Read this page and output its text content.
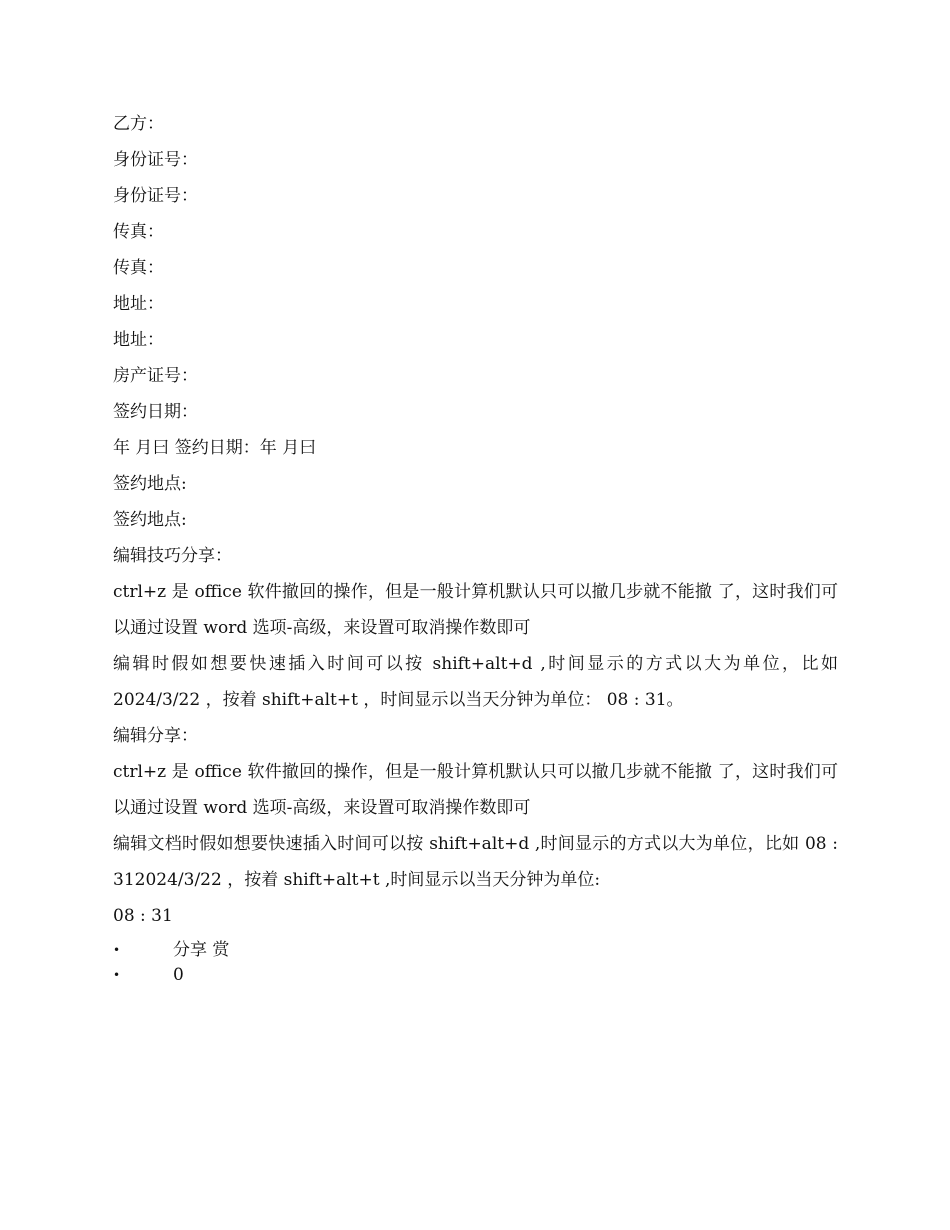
乙方：
身份证号：
身份证号：
传真：
传真：
地址：
地址：
房产证号：
签约日期：
年 月曰 签约日期：年 月曰
签约地点:
签约地点:
编辑技巧分享：
ctrl+z 是 office 软件撤回的操作，但是一般计算机默认只可以撤几步就不能撤 了，这时我们可以通过设置 word 选项-高级，来设置可取消操作数即可
编辑时假如想要快速插入时间可以按 shift+alt+d ,时间显示的方式以大为单位，比如 2024/3/22 ，按着 shift+alt+t ，时间显示以当天分钟为单位： 08 : 31。
编辑分享：
ctrl+z 是 office 软件撤回的操作，但是一般计算机默认只可以撤几步就不能撤 了，这时我们可以通过设置 word 选项-高级，来设置可取消操作数即可
编辑文档时假如想要快速插入时间可以按 shift+alt+d ,时间显示的方式以大为单位，比如 08 : 312024/3/22 ，按着 shift+alt+t ,时间显示以当天分钟为单位:
08 : 31
•	分享 赏
•	0
